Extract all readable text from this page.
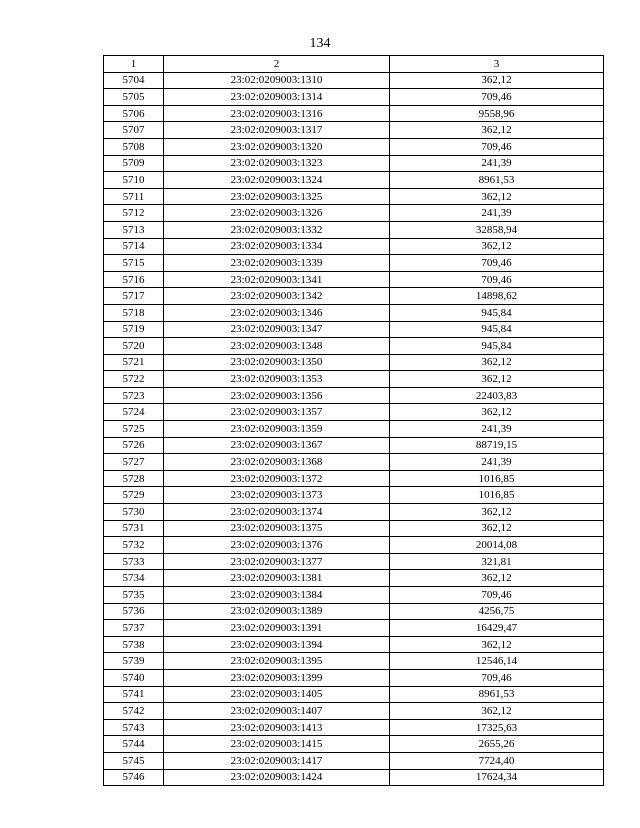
134
1	2	3
5704	23:02:0209003:1310	362,12
5705	23:02:0209003:1314	709,46
5706	23:02:0209003:1316	9558,96
5707	23:02:0209003:1317	362,12
5708	23:02:0209003:1320	709,46
5709	23:02:0209003:1323	241,39
5710	23:02:0209003:1324	8961,53
5711	23:02:0209003:1325	362,12
5712	23:02:0209003:1326	241,39
5713	23:02:0209003:1332	32858,94
5714	23:02:0209003:1334	362,12
5715	23:02:0209003:1339	709,46
5716	23:02:0209003:1341	709,46
5717	23:02:0209003:1342	14898,62
5718	23:02:0209003:1346	945,84
5719	23:02:0209003:1347	945,84
5720	23:02:0209003:1348	945,84
5721	23:02:0209003:1350	362,12
5722	23:02:0209003:1353	362,12
5723	23:02:0209003:1356	22403,83
5724	23:02:0209003:1357	362,12
5725	23:02:0209003:1359	241,39
5726	23:02:0209003:1367	88719,15
5727	23:02:0209003:1368	241,39
5728	23:02:0209003:1372	1016,85
5729	23:02:0209003:1373	1016,85
5730	23:02:0209003:1374	362,12
5731	23:02:0209003:1375	362,12
5732	23:02:0209003:1376	20014,08
5733	23:02:0209003:1377	321,81
5734	23:02:0209003:1381	362,12
5735	23:02:0209003:1384	709,46
5736	23:02:0209003:1389	4256,75
5737	23:02:0209003:1391	16429,47
5738	23:02:0209003:1394	362,12
5739	23:02:0209003:1395	12546,14
5740	23:02:0209003:1399	709,46
5741	23:02:0209003:1405	8961,53
5742	23:02:0209003:1407	362,12
5743	23:02:0209003:1413	17325,63
5744	23:02:0209003:1415	2655,26
5745	23:02:0209003:1417	7724,40
5746	23:02:0209003:1424	17624,34
